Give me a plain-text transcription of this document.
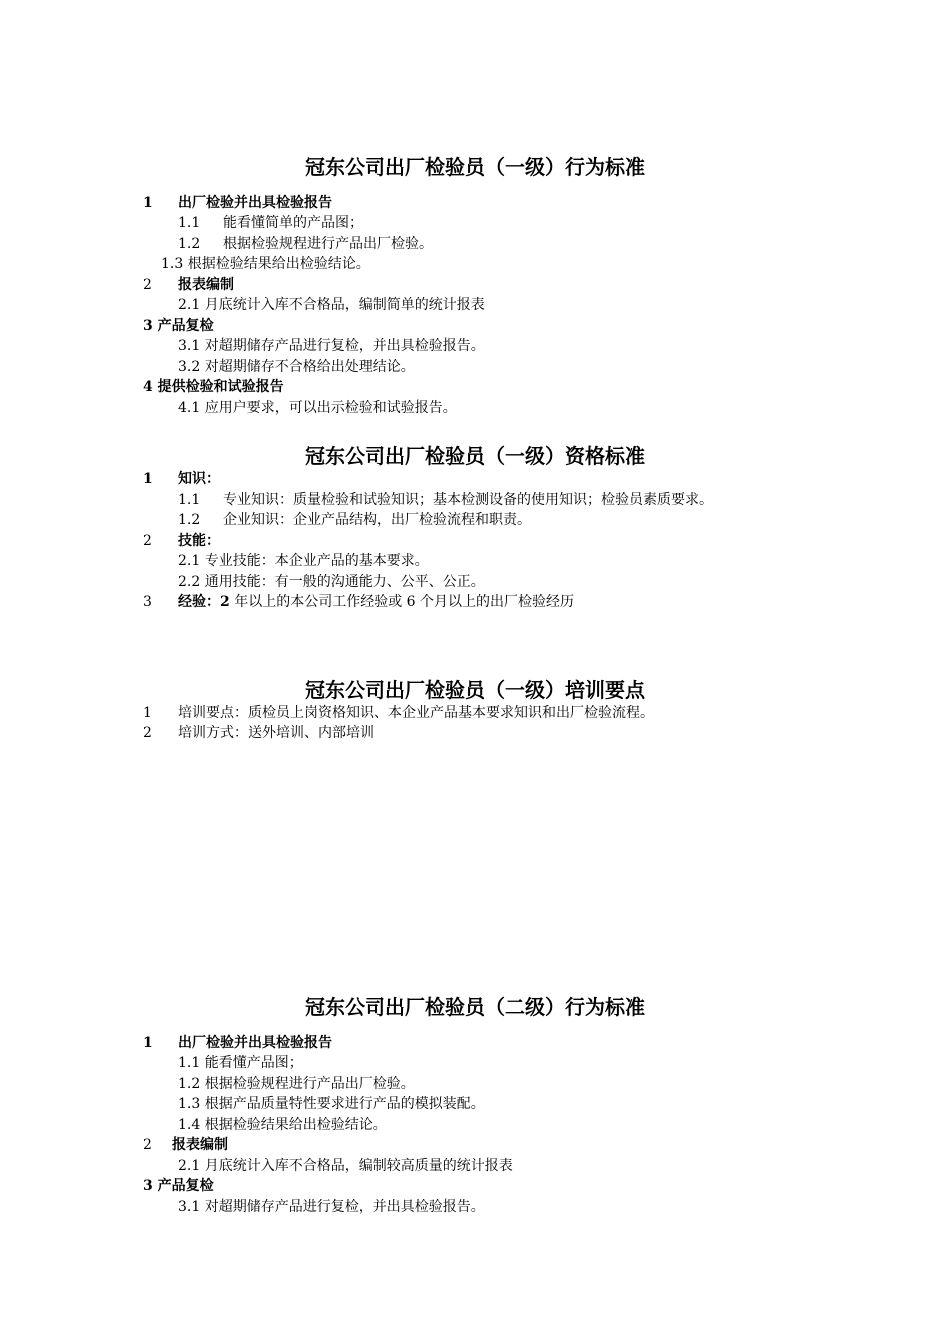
冠东公司出厂检验员（一级）行为标准
1 出厂检验并出具检验报告
1.1 能看懂简单的产品图；
1.2 根据检验规程进行产品出厂检验。
1.3 根据检验结果给出检验结论。
2 报表编制
2.1 月底统计入库不合格品，编制简单的统计报表
3 产品复检
3.1 对超期储存产品进行复检，并出具检验报告。
3.2 对超期储存不合格给出处理结论。
4 提供检验和试验报告
4.1 应用户要求，可以出示检验和试验报告。
冠东公司出厂检验员（一级）资格标准
1 知识：
1.1 专业知识：质量检验和试验知识；基本检测设备的使用知识；检验员素质要求。
1.2 企业知识：企业产品结构，出厂检验流程和职责。
2 技能：
2.1 专业技能：本企业产品的基本要求。
2.2 通用技能：有一般的沟通能力、公平、公正。
3 经验：2 年以上的本公司工作经验或 6 个月以上的出厂检验经历
冠东公司出厂检验员（一级）培训要点
1 培训要点：质检员上岗资格知识、本企业产品基本要求知识和出厂检验流程。
2 培训方式：送外培训、内部培训
冠东公司出厂检验员（二级）行为标准
1 出厂检验并出具检验报告
1.1 能看懂产品图；
1.2 根据检验规程进行产品出厂检验。
1.3 根据产品质量特性要求进行产品的模拟装配。
1.4 根据检验结果给出检验结论。
2 报表编制
2.1 月底统计入库不合格品，编制较高质量的统计报表
3 产品复检
3.1 对超期储存产品进行复检，并出具检验报告。
